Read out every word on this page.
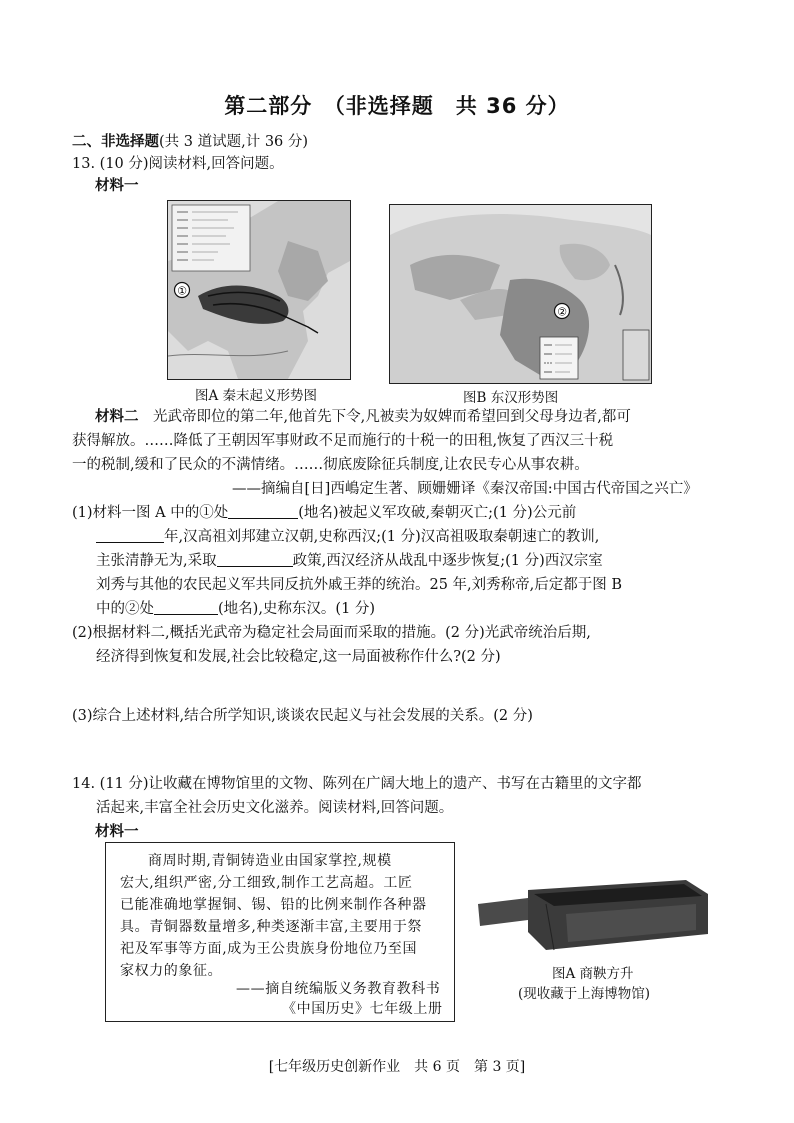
第二部分　（非选择题　共 36 分）
二、非选择题(共 3 道试题,计 36 分)
13. (10 分)阅读材料,回答问题。
材料一
①
图A 秦末起义形势图
②
图B 东汉形势图
材料二　 光武帝即位的第二年,他首先下令,凡被卖为奴婢而希望回到父母身边者,都可
获得解放。……降低了王朝因军事财政不足而施行的十税一的田租,恢复了西汉三十税
一的税制,缓和了民众的不满情绪。……彻底废除征兵制度,让农民专心从事农耕。
——摘编自[日]西嶋定生著、顾姗姗译《秦汉帝国:中国古代帝国之兴亡》
(1)材料一图 A 中的①处	(地名)被起义军攻破,秦朝灭亡;(1 分)公元前
年,汉高祖刘邦建立汉朝,史称西汉;(1 分)汉高祖吸取秦朝速亡的教训,
主张清静无为,采取	政策,西汉经济从战乱中逐步恢复;(1 分)西汉宗室
刘秀与其他的农民起义军共同反抗外戚王莽的统治。25 年,刘秀称帝,后定都于图 B
中的②处	(地名),史称东汉。(1 分)
(2)根据材料二,概括光武帝为稳定社会局面而采取的措施。(2 分)光武帝统治后期,
经济得到恢复和发展,社会比较稳定,这一局面被称作什么?(2 分)
(3)综合上述材料,结合所学知识,谈谈农民起义与社会发展的关系。(2 分)
14. (11 分)让收藏在博物馆里的文物、陈列在广阔大地上的遗产、书写在古籍里的文字都
活起来,丰富全社会历史文化滋养。阅读材料,回答问题。
材料一
商周时期,青铜铸造业由国家掌控,规模
宏大,组织严密,分工细致,制作工艺高超。工匠
已能准确地掌握铜、锡、铅的比例来制作各种器
具。青铜器数量增多,种类逐渐丰富,主要用于祭
祀及军事等方面,成为王公贵族身份地位乃至国
家权力的象征。
——摘自统编版义务教育教科书
《中国历史》七年级上册
图A 商鞅方升
(现收藏于上海博物馆)
[七年级历史创新作业　共 6 页　第 3 页]
